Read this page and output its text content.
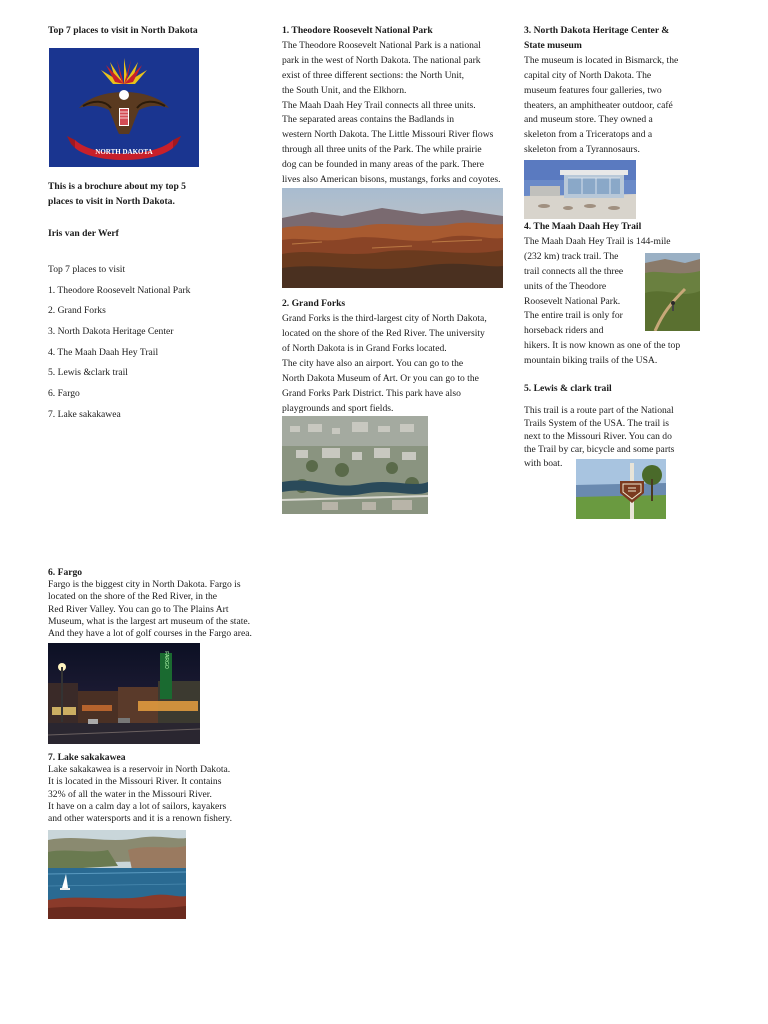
Top 7 places to visit in North Dakota
NORTH DAKOTA
This is a brochure about my top 5
places to visit in North Dakota.
Iris van der Werf
Top 7 places to visit
1. Theodore Roosevelt National Park
2. Grand Forks
3. North Dakota Heritage Center
4. The Maah Daah Hey Trail
5. Lewis &clark trail
6. Fargo
7. Lake sakakawea
6. Fargo
Fargo is the biggest city in North Dakota. Fargo is
located on the shore of the Red River, in the
Red River Valley. You can go to The Plains Art
Museum, what is the largest art museum of the state.
And they have a lot of golf courses in the Fargo area.
FARGO
7. Lake sakakawea
Lake sakakawea is a reservoir in North Dakota.
It is located in the Missouri River. It contains
32% of all the water in the Missouri River.
It have on a calm day a lot of sailors, kayakers
and other watersports and it is a renown fishery.
1. Theodore Roosevelt National Park
The Theodore Roosevelt National Park is a national
park in the west of North Dakota. The national park
exist of three different sections: the North Unit,
the South Unit, and the Elkhorn.
The Maah Daah Hey Trail connects all three units.
The separated areas contains the Badlands in
western North Dakota. The Little Missouri River flows
through all three units of the Park. The while prairie
dog can be founded in many areas of the park. There
lives also American bisons, mustangs, forks and coyotes.
2. Grand Forks
Grand Forks is the third-largest city of North Dakota,
located on the shore of the Red River. The university
of North Dakota is in Grand Forks located.
The city have also an airport. You can go to the
North Dakota Museum of Art. Or you can go to the
Grand Forks Park District. This park have also
playgrounds and sport fields.
3. North Dakota Heritage Center &
State museum
The museum is located in Bismarck, the
capital city of North Dakota. The
museum features four galleries, two
theaters, an amphitheater outdoor, café
and museum store. They owned a
skeleton from a Triceratops and a
skeleton from a Tyrannosaurs.
4. The Maah Daah Hey Trail
The Maah Daah Hey Trail is 144-mile
(232 km) track trail. The
trail connects all the three
units of the Theodore
Roosevelt National Park.
The entire trail is only for
horseback riders and
hikers. It is now known as one of the top
mountain biking trails of the USA.
5. Lewis & clark trail
This trail is a route part of the National
Trails System of the USA. The trail is
next to the Missouri River. You can do
the Trail by car, bicycle and some parts
with boat.
